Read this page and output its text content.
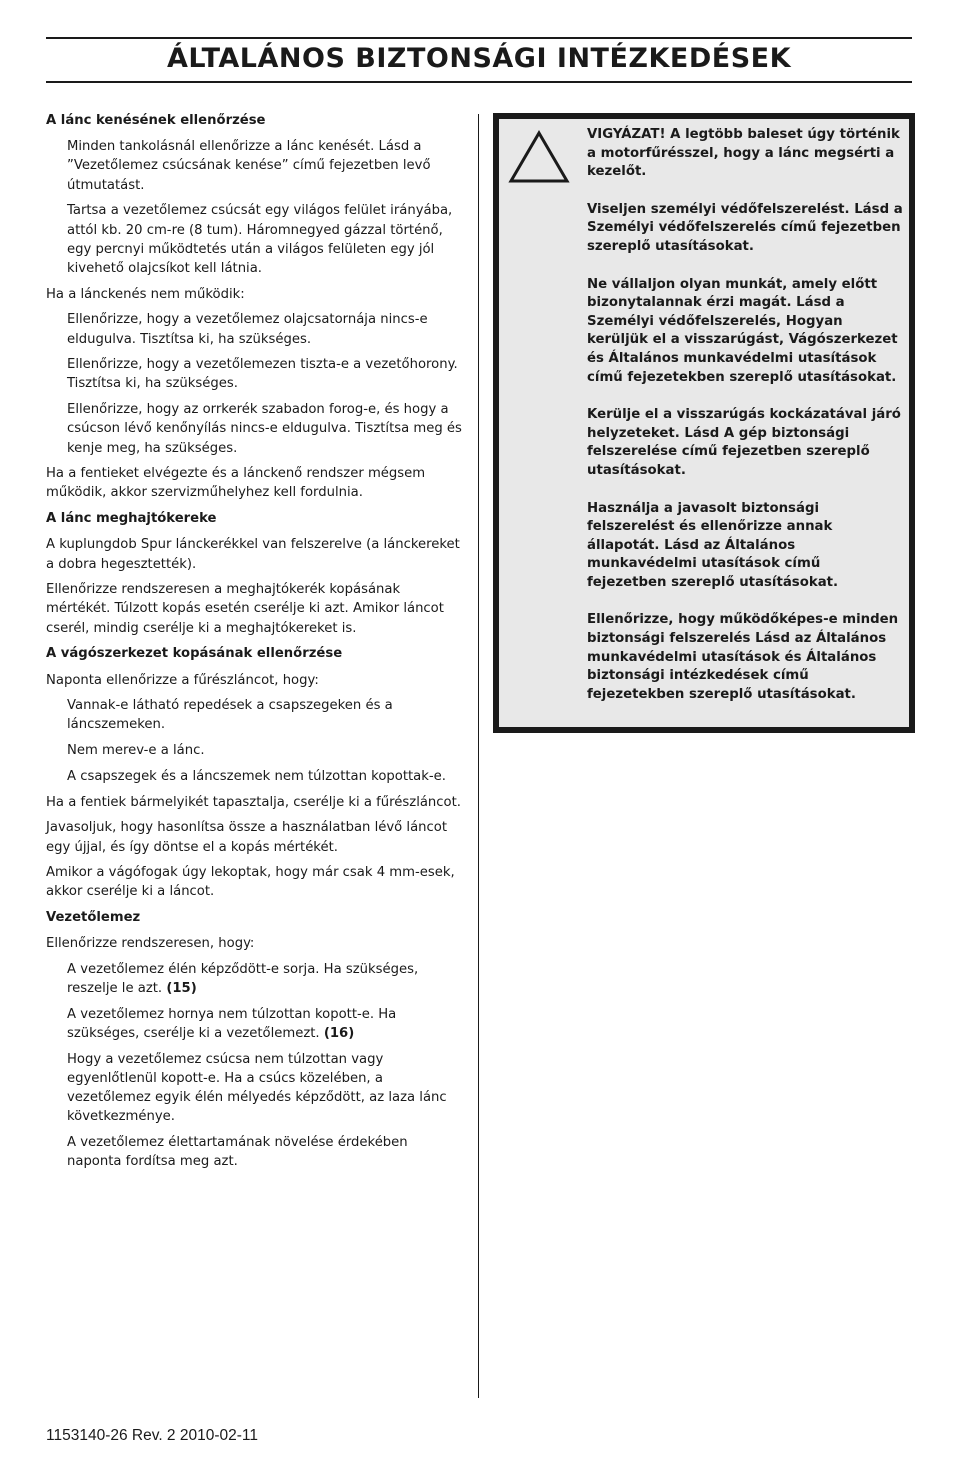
ÁLTALÁNOS BIZTONSÁGI INTÉZKEDÉSEK

A lánc kenésének ellenőrzése

Minden tankolásnál ellenőrizze a lánc kenését. Lásd a ”Vezetőlemez csúcsának kenése” című fejezetben levő útmutatást.

Tartsa a vezetőlemez csúcsát egy világos felület irányába, attól kb. 20 cm-re (8 tum). Háromnegyed gázzal történő, egy percnyi működtetés után a világos felületen egy jól kivehető olajcsíkot kell látnia.

Ha a lánckenés nem működik:

Ellenőrizze, hogy a vezetőlemez olajcsatornája nincs-e eldugulva. Tisztítsa ki, ha szükséges.

Ellenőrizze, hogy a vezetőlemezen tiszta-e a vezetőhorony. Tisztítsa ki, ha szükséges.

Ellenőrizze, hogy az orrkerék szabadon forog-e, és hogy a csúcson lévő kenőnyílás nincs-e eldugulva. Tisztítsa meg és kenje meg, ha szükséges.

Ha a fentieket elvégezte és a lánckenő rendszer mégsem működik, akkor szervizműhelyhez kell fordulnia.

A lánc meghajtókereke

A kuplungdob Spur lánckerékkel van felszerelve (a lánckereket a dobra hegesztették).

Ellenőrizze rendszeresen a meghajtókerék kopásának mértékét. Túlzott kopás esetén cserélje ki azt. Amikor láncot cserél, mindig cserélje ki a meghajtókereket is.

A vágószerkezet kopásának ellenőrzése

Naponta ellenőrizze a fűrészláncot, hogy:

Vannak-e látható repedések a csapszegeken és a láncszemeken.

Nem merev-e a lánc.

A csapszegek és a láncszemek nem túlzottan kopottak-e.

Ha a fentiek bármelyikét tapasztalja, cserélje ki a fűrészláncot.

Javasoljuk, hogy hasonlítsa össze a használatban lévő láncot egy újjal, és így döntse el a kopás mértékét.

Amikor a vágófogak úgy lekoptak, hogy már csak 4 mm-esek, akkor cserélje ki a láncot.

Vezetőlemez

Ellenőrizze rendszeresen, hogy:

A vezetőlemez élén képződött-e sorja. Ha szükséges, reszelje le azt. (15)

A vezetőlemez hornya nem túlzottan kopott-e. Ha szükséges, cserélje ki a vezetőlemezt. (16)

Hogy a vezetőlemez csúcsa nem túlzottan vagy egyenlőtlenül kopott-e. Ha a csúcs közelében, a vezetőlemez egyik élén mélyedés képződött, az laza lánc következménye.

A vezetőlemez élettartamának növelése érdekében naponta fordítsa meg azt.

VIGYÁZAT! A legtöbb baleset úgy történik a motorfűrésszel, hogy a lánc megsérti a kezelőt.

Viseljen személyi védőfelszerelést. Lásd a Személyi védőfelszerelés című fejezetben szereplő utasításokat.

Ne vállaljon olyan munkát, amely előtt bizonytalannak érzi magát. Lásd a Személyi védőfelszerelés, Hogyan kerüljük el a visszarúgást, Vágószerkezet és Általános munkavédelmi utasítások című fejezetekben szereplő utasításokat.

Kerülje el a visszarúgás kockázatával járó helyzeteket. Lásd A gép biztonsági felszerelése című fejezetben szereplő utasításokat.

Használja a javasolt biztonsági felszerelést és ellenőrizze annak állapotát. Lásd az Általános munkavédelmi utasítások című fejezetben szereplő utasításokat.

Ellenőrizze, hogy működőképes-e minden biztonsági felszerelés Lásd az Általános munkavédelmi utasítások és Általános biztonsági intézkedések című fejezetekben szereplő utasításokat.

1153140-26 Rev. 2 2010-02-11
